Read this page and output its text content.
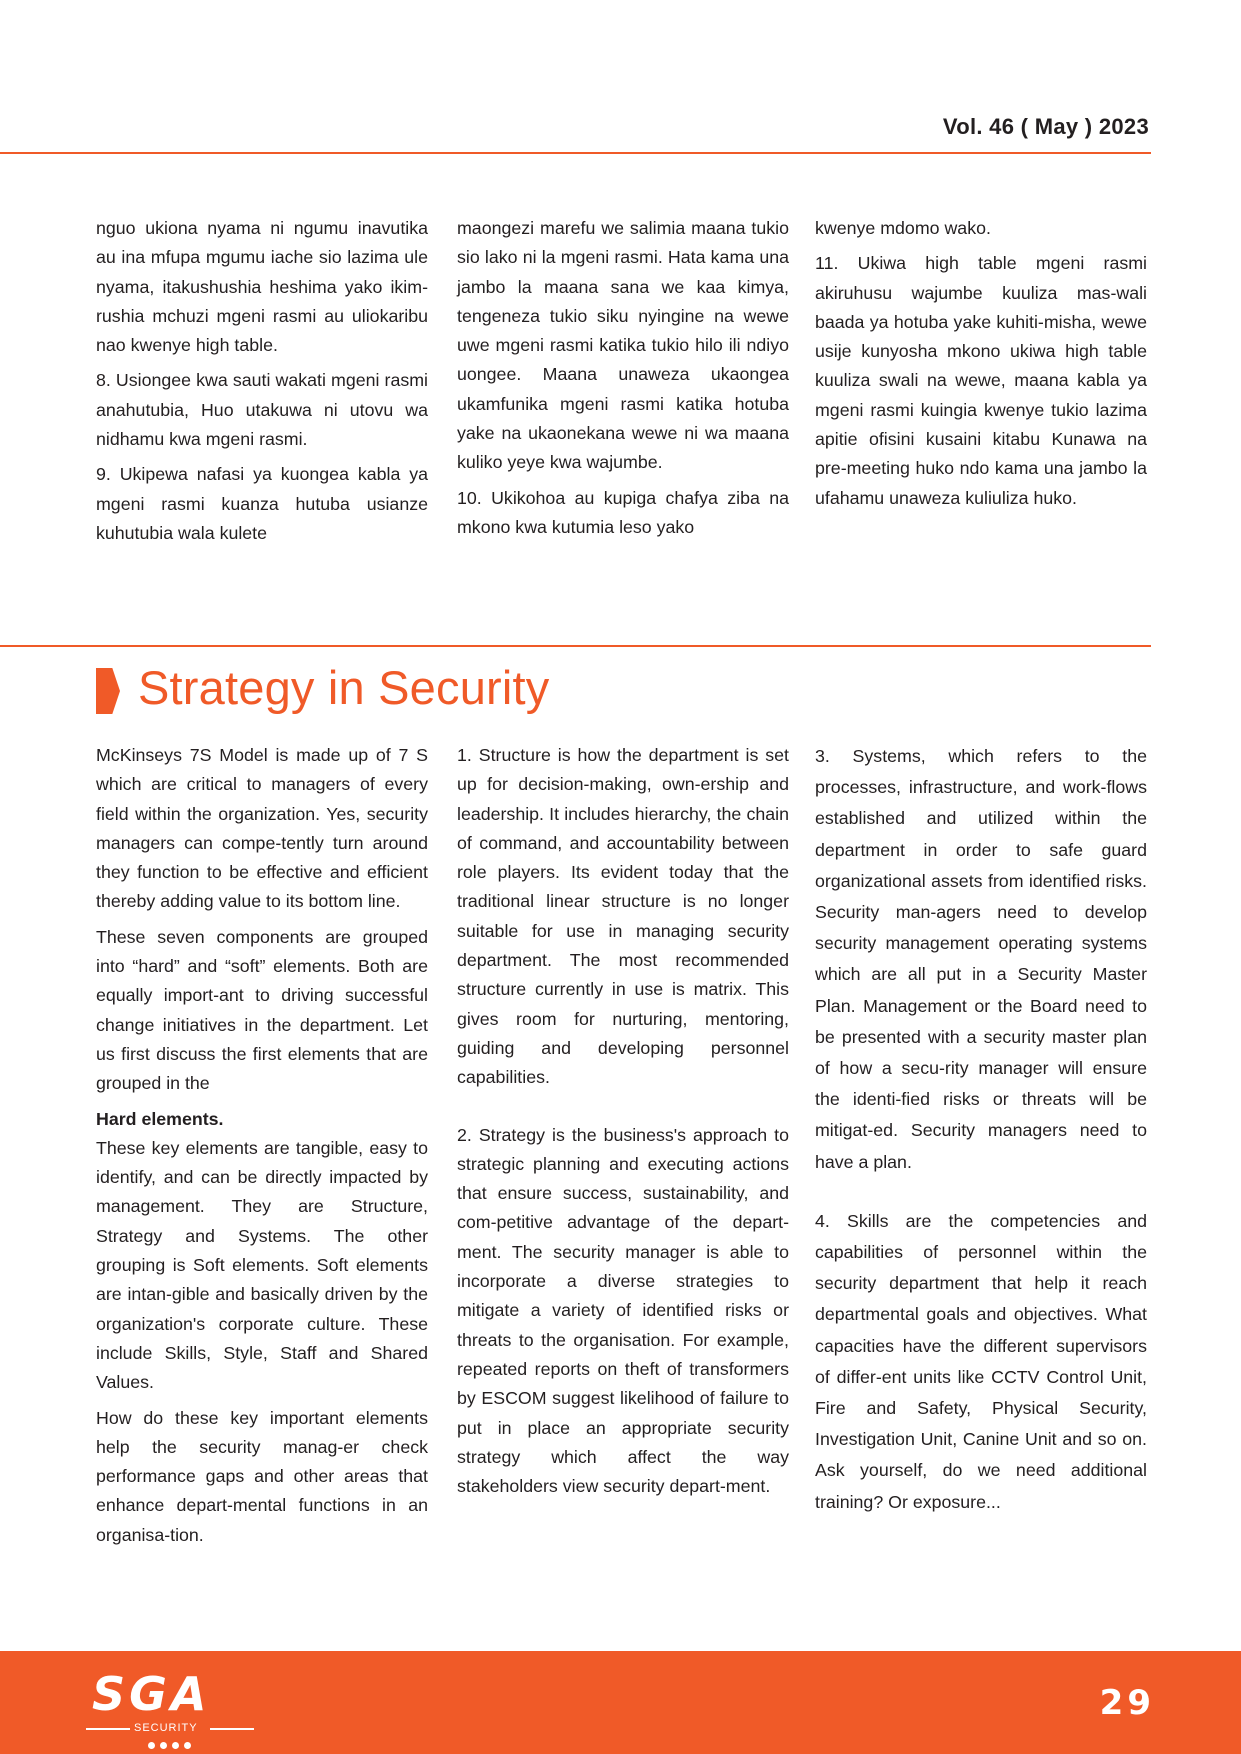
Vol. 46 ( May ) 2023

nguo ukiona nyama ni ngumu inavutika au ina mfupa mgumu iache sio lazima ule nyama, itakushushia heshima yako ikim-rushia mchuzi mgeni rasmi au uliokaribu nao kwenye high table.

8. Usiongee kwa sauti wakati mgeni rasmi anahutubia, Huo utakuwa ni utovu wa nidhamu kwa mgeni rasmi.

9. Ukipewa nafasi ya kuongea kabla ya mgeni rasmi kuanza hutuba usianze kuhutubia wala kulete

maongezi marefu we salimia maana tukio sio lako ni la mgeni rasmi. Hata kama una jambo la maana sana we kaa kimya, tengeneza tukio siku nyingine na wewe uwe mgeni rasmi katika tukio hilo ili ndiyo uongee. Maana unaweza ukaongea ukamfunika mgeni rasmi katika hotuba yake na ukaonekana wewe ni wa maana kuliko yeye kwa wajumbe.

10. Ukikohoa au kupiga chafya ziba na mkono kwa kutumia leso yako

kwenye mdomo wako.

11. Ukiwa high table mgeni rasmi akiruhusu wajumbe kuuliza mas-wali baada ya hotuba yake kuhiti-misha, wewe usije kunyosha mkono ukiwa high table kuuliza swali na wewe, maana kabla ya mgeni rasmi kuingia kwenye tukio lazima apitie ofisini kusaini kitabu Kunawa na pre-meeting huko ndo kama una jambo la ufahamu unaweza kuliuliza huko.

Strategy in Security

McKinseys 7S Model is made up of 7 S which are critical to managers of every field within the organization. Yes, security managers can compe-tently turn around they function to be effective and efficient thereby adding value to its bottom line.

These seven components are grouped into “hard” and “soft” elements. Both are equally import-ant to driving successful change initiatives in the department. Let us first discuss the first elements that are grouped in the

Hard elements.

These key elements are tangible, easy to identify, and can be directly impacted by management. They are Structure, Strategy and Systems. The other grouping is Soft elements. Soft elements are intan-gible and basically driven by the organization's corporate culture. These include Skills, Style, Staff and Shared Values.

How do these key important elements help the security manag-er check performance gaps and other areas that enhance depart-mental functions in an organisa-tion.

1. Structure is how the department is set up for decision-making, own-ership and leadership. It includes hierarchy, the chain of command, and accountability between role players. Its evident today that the traditional linear structure is no longer suitable for use in managing security department. The most recommended structure currently in use is matrix. This gives room for nurturing, mentoring, guiding and developing personnel capabilities.

2. Strategy is the business's approach to strategic planning and executing actions that ensure success, sustainability, and com-petitive advantage of the depart-ment. The security manager is able to incorporate a diverse strategies to mitigate a variety of identified risks or threats to the organisation. For example, repeated reports on theft of transformers by ESCOM suggest likelihood of failure to put in place an appropriate security strategy which affect the way stakeholders view security depart-ment.

3. Systems, which refers to the processes, infrastructure, and work-flows established and utilized within the department in order to safe guard organizational assets from identified risks. Security man-agers need to develop security management operating systems which are all put in a Security Master Plan. Management or the Board need to be presented with a security master plan of how a secu-rity manager will ensure the identi-fied risks or threats will be mitigat-ed. Security managers need to have a plan.

4. Skills are the competencies and capabilities of personnel within the security department that help it reach departmental goals and objectives. What capacities have the different supervisors of differ-ent units like CCTV Control Unit, Fire and Safety, Physical Security, Investigation Unit, Canine Unit and so on. Ask yourself, do we need additional training? Or exposure...

SGA
SECURITY
29
